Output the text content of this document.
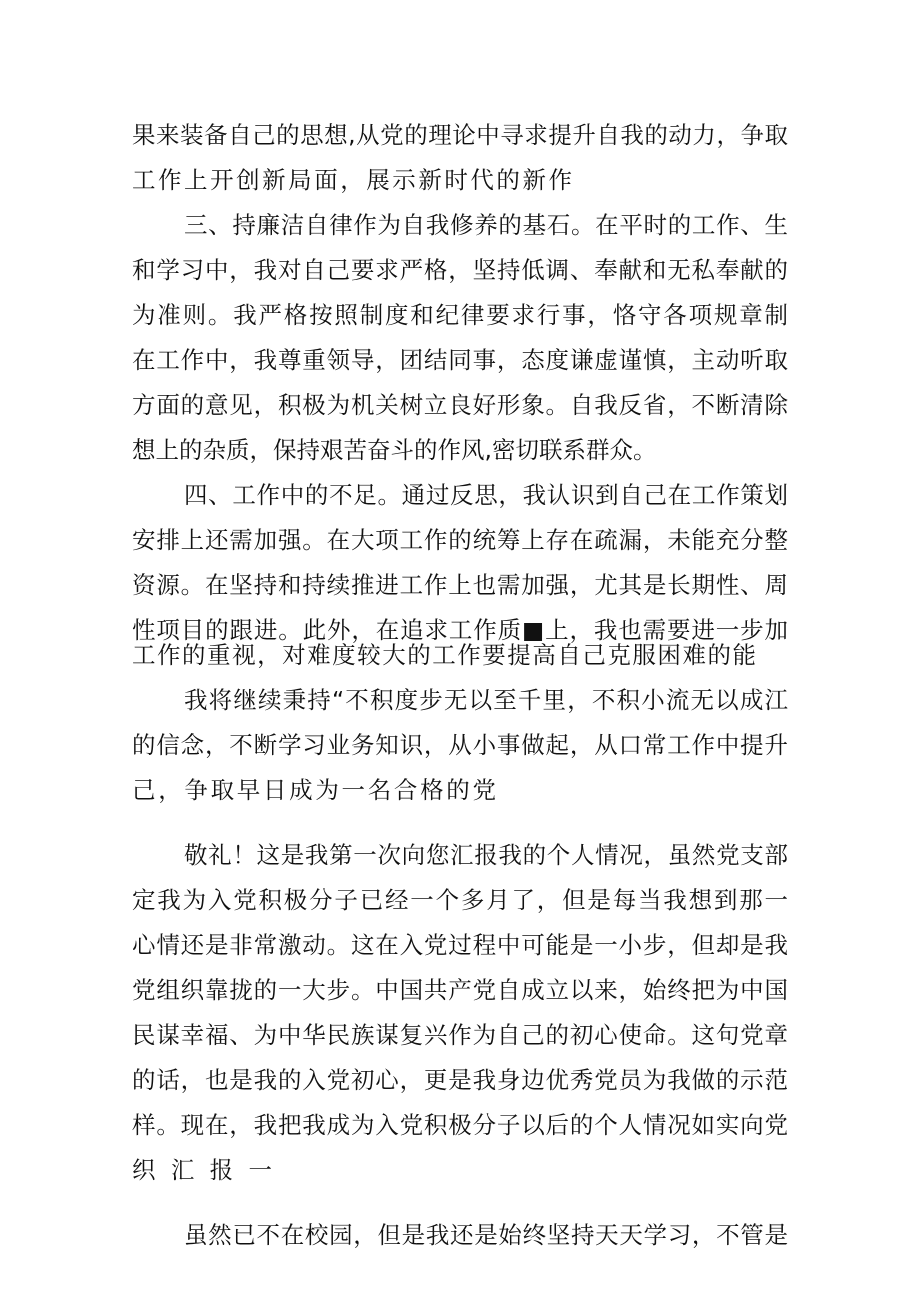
果来装备自己的思想,从党的理论中寻求提升自我的动力，争取
工作上开创新局面，展示新时代的新作
三、持廉洁自律作为自我修养的基石。在平时的工作、生
和学习中，我对自己要求严格，坚持低调、奉献和无私奉献的
为准则。我严格按照制度和纪律要求行事，恪守各项规章制
在工作中，我尊重领导，团结同事，态度谦虚谨慎，主动听取
方面的意见，积极为机关树立良好形象。自我反省，不断清除
想上的杂质，保持艰苦奋斗的作风,密切联系群众。
四、工作中的不足。通过反思，我认识到自己在工作策划
安排上还需加强。在大项工作的统筹上存在疏漏，未能充分整
资源。在坚持和持续推进工作上也需加强，尤其是长期性、周
性项目的跟进。此外，在追求工作质■上，我也需要进一步加
工作的重视，对难度较大的工作要提高自己克服困难的能
我将继续秉持“不积度步无以至千里，不积小流无以成江
的信念，不断学习业务知识，从小事做起，从口常工作中提升
己，争取早日成为一名合格的党
敬礼！这是我第一次向您汇报我的个人情况，虽然党支部
定我为入党积极分子已经一个多月了，但是每当我想到那一
心情还是非常激动。这在入党过程中可能是一小步，但却是我
党组织靠拢的一大步。中国共产党自成立以来，始终把为中国
民谋幸福、为中华民族谋复兴作为自己的初心使命。这句党章
的话，也是我的入党初心，更是我身边优秀党员为我做的示范
样。现在，我把我成为入党积极分子以后的个人情况如实向党
织汇报一
虽然已不在校园，但是我还是始终坚持天天学习，不管是
